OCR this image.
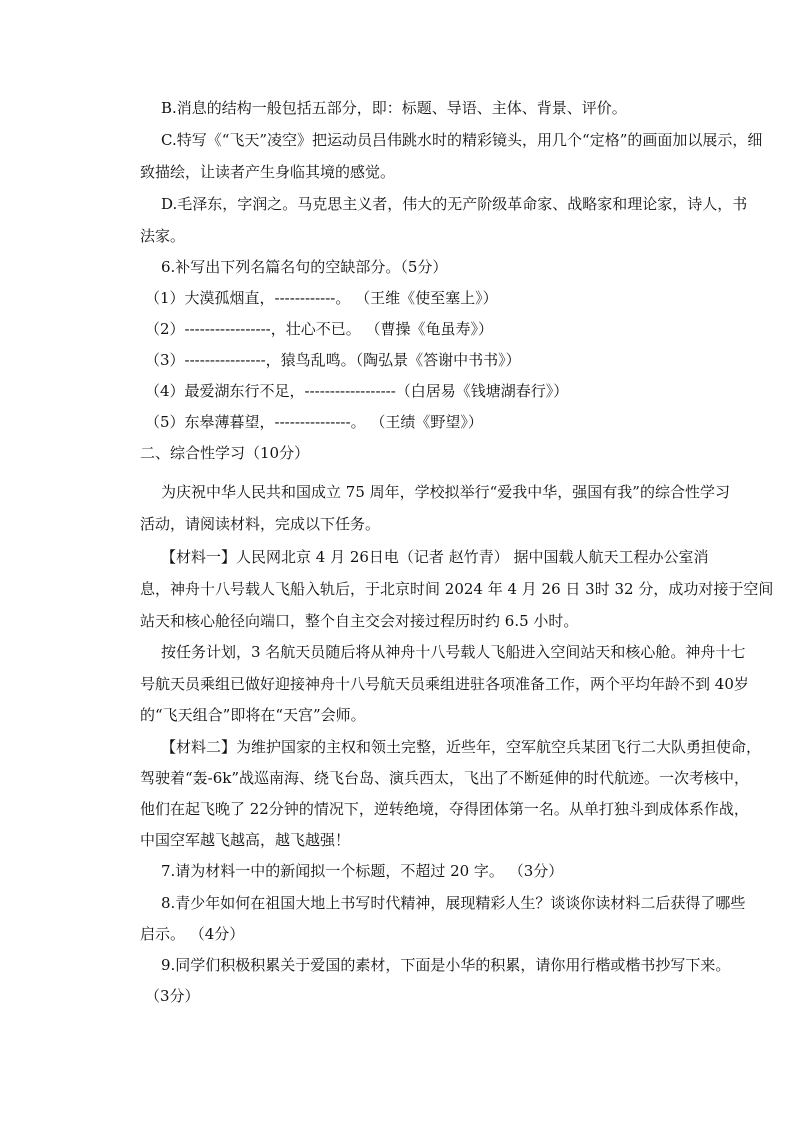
B.消息的结构一般包括五部分，即：标题、导语、主体、背景、评价。
C.特写《“飞天”凌空》把运动员吕伟跳水时的精彩镜头，用几个“定格”的画面加以展示，细
致描绘，让读者产生身临其境的感觉。
D.毛泽东，字润之。马克思主义者，伟大的无产阶级革命家、战略家和理论家，诗人，书
法家。
6.补写出下列名篇名句的空缺部分。（5分）
（1）大漠孤烟直，------------。 （王维《使至塞上》）
（2）-----------------，壮心不已。 （曹操《龟虽寿》）
（3）----------------，猿鸟乱鸣。（陶弘景《答谢中书书》）
（4）最爱湖东行不足，------------------（白居易《钱塘湖春行》）
（5）东皋薄暮望，---------------。 （王绩《野望》）
二、综合性学习（10分）
为庆祝中华人民共和国成立 75 周年，学校拟举行“爱我中华，强国有我”的综合性学习
活动，请阅读材料，完成以下任务。
【材料一】人民网北京 4 月 26日电（记者 赵竹青） 据中国载人航天工程办公室消
息，神舟十八号载人飞船入轨后，于北京时间 2024 年 4 月 26 日 3时 32 分，成功对接于空间
站天和核心舱径向端口，整个自主交会对接过程历时约 6.5 小时。
按任务计划，3 名航天员随后将从神舟十八号载人飞船进入空间站天和核心舱。神舟十七
号航天员乘组已做好迎接神舟十八号航天员乘组进驻各项准备工作，两个平均年龄不到 40岁
的“飞天组合”即将在“天宫”会师。
【材料二】为维护国家的主权和领土完整，近些年，空军航空兵某团飞行二大队勇担使命，
驾驶着“轰-6k”战巡南海、绕飞台岛、演兵西太，飞出了不断延伸的时代航迹。一次考核中，
他们在起飞晚了 22分钟的情况下，逆转绝境，夺得团体第一名。从单打独斗到成体系作战，
中国空军越飞越高，越飞越强！
7.请为材料一中的新闻拟一个标题，不超过 20 字。 （3分）
8.青少年如何在祖国大地上书写时代精神，展现精彩人生？谈谈你读材料二后获得了哪些
启示。 （4分）
9.同学们积极积累关于爱国的素材，下面是小华的积累，请你用行楷或楷书抄写下来。
（3分）
